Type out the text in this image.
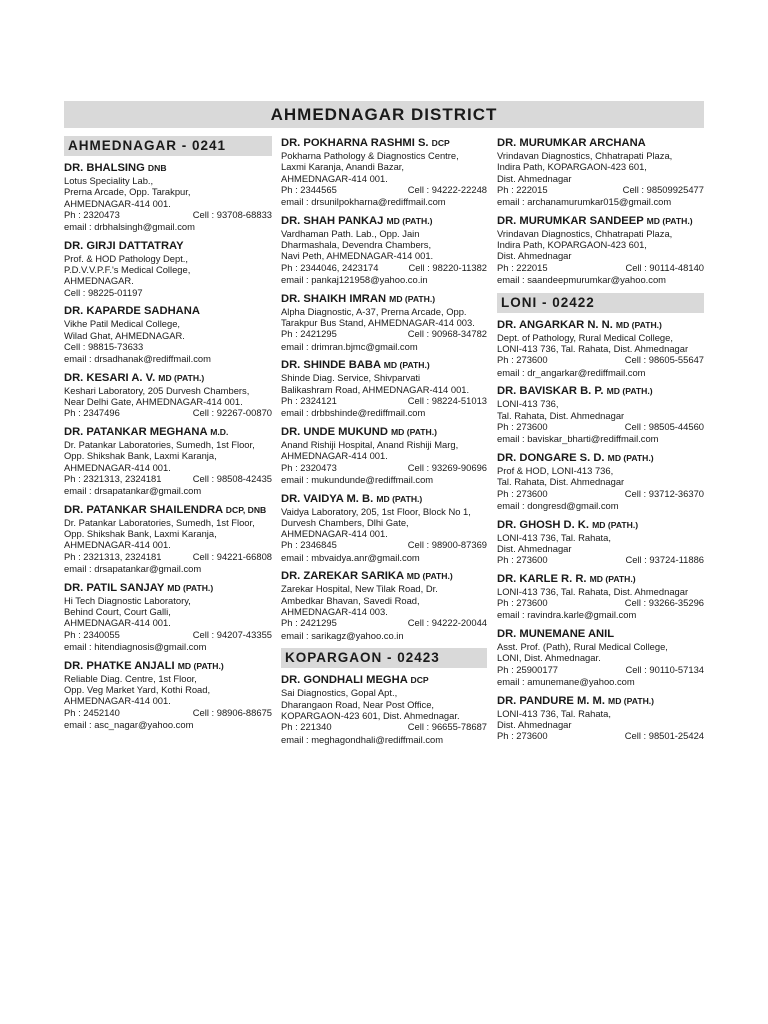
AHMEDNAGAR DISTRICT
AHMEDNAGAR - 0241
DR. BHALSING DNB
Lotus Speciality Lab.,
Prerna Arcade, Opp. Tarakpur,
AHMEDNAGAR-414 001.
Ph : 2320473	Cell : 93708-68833
email : drbhalsingh@gmail.com
DR. GIRJI DATTATRAY
Prof. & HOD Pathology Dept.,
P.D.V.V.P.F.'s Medical College,
AHMEDNAGAR.
Cell : 98225-01197
DR. KAPARDE SADHANA
Vikhe Patil Medical College,
Wilad Ghat, AHMEDNAGAR.
Cell : 98815-73633
email : drsadhanak@rediffmail.com
DR. KESARI A. V. MD (PATH.)
Keshari Laboratory, 205 Durvesh Chambers,
Near Delhi Gate, AHMEDNAGAR-414 001.
Ph : 2347496	Cell : 92267-00870
DR. PATANKAR MEGHANA M.D.
Dr. Patankar Laboratories, Sumedh, 1st Floor,
Opp. Shikshak Bank, Laxmi Karanja,
AHMEDNAGAR-414 001.
Ph : 2321313, 2324181	Cell : 98508-42435
email : drsapatankar@gmail.com
DR. PATANKAR SHAILENDRA DCP, DNB
Dr. Patankar Laboratories, Sumedh, 1st Floor,
Opp. Shikshak Bank, Laxmi Karanja,
AHMEDNAGAR-414 001.
Ph : 2321313, 2324181	Cell : 94221-66808
email : drsapatankar@gmail.com
DR. PATIL SANJAY MD (PATH.)
Hi Tech Diagnostic Laboratory,
Behind Court, Court Galli,
AHMEDNAGAR-414 001.
Ph : 2340055	Cell : 94207-43355
email : hitendiagnosis@gmail.com
DR. PHATKE ANJALI MD (PATH.)
Reliable Diag. Centre, 1st Floor,
Opp. Veg Market Yard, Kothi Road,
AHMEDNAGAR-414 001.
Ph : 2452140	Cell : 98906-88675
email : asc_nagar@yahoo.com
DR. POKHARNA RASHMI S. DCP
Pokharna Pathology & Diagnostics Centre,
Laxmi Karanja, Anandi Bazar,
AHMEDNAGAR-414 001.
Ph : 2344565	Cell : 94222-22248
email : drsunilpokharna@rediffmail.com
DR. SHAH PANKAJ MD (PATH.)
Vardhaman Path. Lab., Opp. Jain
Dharmashala, Devendra Chambers,
Navi Peth, AHMEDNAGAR-414 001.
Ph : 2344046, 2423174	Cell : 98220-11382
email : pankaj121958@yahoo.co.in
DR. SHAIKH IMRAN MD (PATH.)
Alpha Diagnostic, A-37, Prerna Arcade, Opp.
Tarakpur Bus Stand, AHMEDNAGAR-414 003.
Ph : 2421295	Cell : 90968-34782
email : drimran.bjmc@gmail.com
DR. SHINDE BABA MD (PATH.)
Shinde Diag. Service, Shivparvati
Balikashram Road, AHMEDNAGAR-414 001.
Ph : 2324121	Cell : 98224-51013
email : drbbshinde@rediffmail.com
DR. UNDE MUKUND MD (PATH.)
Anand Rishiji Hospital, Anand Rishiji Marg,
AHMEDNAGAR-414 001.
Ph : 2320473	Cell : 93269-90696
email : mukundunde@rediffmail.com
DR. VAIDYA M. B. MD (PATH.)
Vaidya Laboratory, 205, 1st Floor, Block No 1,
Durvesh Chambers, Dlhi Gate,
AHMEDNAGAR-414 001.
Ph : 2346845	Cell : 98900-87369
email : mbvaidya.anr@gmail.com
DR. ZAREKAR SARIKA MD (PATH.)
Zarekar Hospital, New Tilak Road, Dr.
Ambedkar Bhavan, Savedi Road,
AHMEDNAGAR-414 003.
Ph : 2421295	Cell : 94222-20044
email : sarikagz@yahoo.co.in
KOPARGAON - 02423
DR. GONDHALI MEGHA DCP
Sai Diagnostics, Gopal Apt.,
Dharangaon Road, Near Post Office,
KOPARGAON-423 601, Dist. Ahmednagar.
Ph : 221340	Cell : 96655-78687
email : meghagondhali@rediffmail.com
DR. MURUMKAR ARCHANA
Vrindavan Diagnostics, Chhatrapati Plaza,
Indira Path, KOPARGAON-423 601,
Dist. Ahmednagar
Ph : 222015	Cell : 98509925477
email : archanamurumkar015@gmail.com
DR. MURUMKAR SANDEEP MD (PATH.)
Vrindavan Diagnostics, Chhatrapati Plaza,
Indira Path, KOPARGAON-423 601,
Dist. Ahmednagar
Ph : 222015	Cell : 90114-48140
email : saandeepmurumkar@yahoo.com
LONI - 02422
DR. ANGARKAR N. N. MD (PATH.)
Dept. of Pathology, Rural Medical College,
LONI-413 736, Tal. Rahata, Dist. Ahmednagar
Ph : 273600	Cell : 98605-55647
email : dr_angarkar@rediffmail.com
DR. BAVISKAR B. P. MD (PATH.)
LONI-413 736,
Tal. Rahata, Dist. Ahmednagar
Ph : 273600	Cell : 98505-44560
email : baviskar_bharti@rediffmail.com
DR. DONGARE S. D. MD (PATH.)
Prof & HOD, LONI-413 736,
Tal. Rahata, Dist. Ahmednagar
Ph : 273600	Cell : 93712-36370
email : dongresd@gmail.com
DR. GHOSH D. K. MD (PATH.)
LONI-413 736, Tal. Rahata,
Dist. Ahmednagar
Ph : 273600	Cell : 93724-11886
DR. KARLE R. R. MD (PATH.)
LONI-413 736, Tal. Rahata, Dist. Ahmednagar
Ph : 273600	Cell : 93266-35296
email : ravindra.karle@gmail.com
DR. MUNEMANE ANIL
Asst. Prof. (Path), Rural Medical College,
LONI, Dist. Ahmednagar.
Ph : 25900177	Cell : 90110-57134
email : amunemane@yahoo.com
DR. PANDURE M. M. MD (PATH.)
LONI-413 736, Tal. Rahata,
Dist. Ahmednagar
Ph : 273600	Cell : 98501-25424
